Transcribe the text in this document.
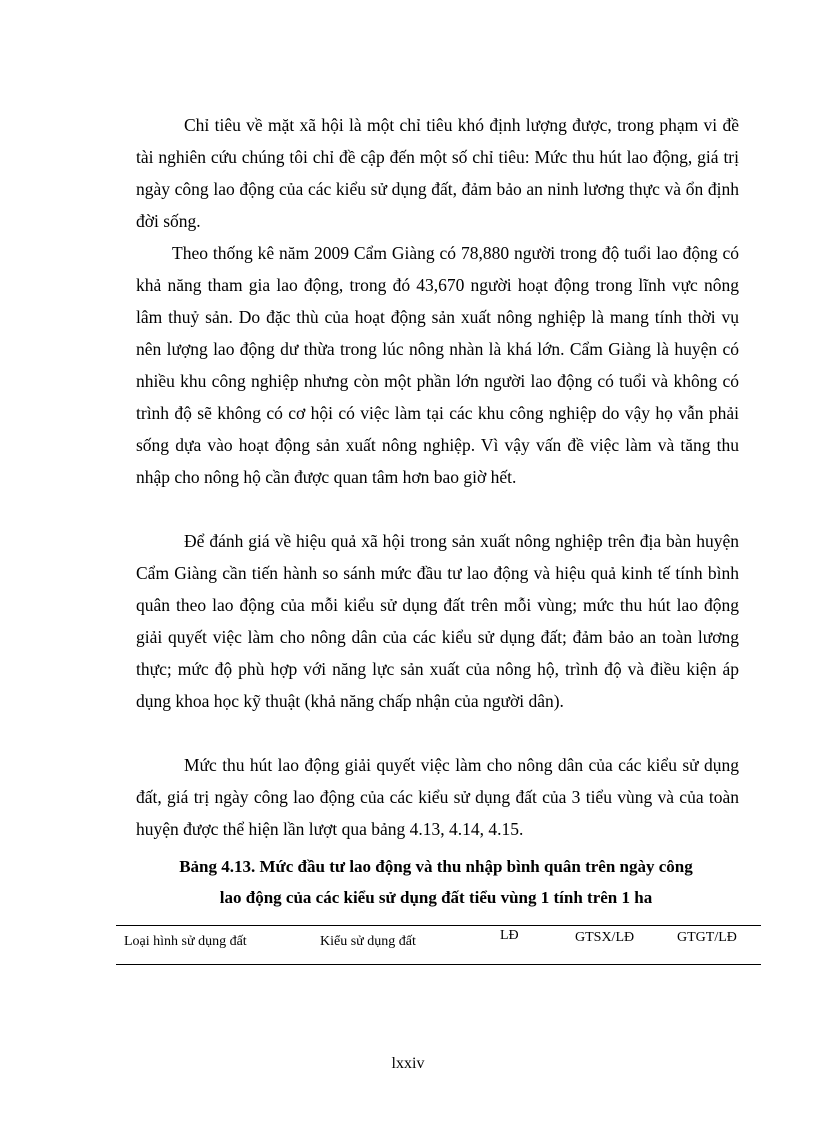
Chỉ tiêu về mặt xã hội là một chỉ tiêu khó định lượng được, trong phạm vi đề tài nghiên cứu chúng tôi chỉ đề cập đến một số chỉ tiêu: Mức thu hút lao động, giá trị ngày công lao động của các kiểu sử dụng đất, đảm bảo an ninh lương thực và ổn định đời sống.

Theo thống kê năm 2009 Cẩm Giàng có 78,880 người trong độ tuổi lao động có khả năng tham gia lao động, trong đó 43,670 người hoạt động trong lĩnh vực nông lâm thuỷ sản. Do đặc thù của hoạt động sản xuất nông nghiệp là mang tính thời vụ nên lượng lao động dư thừa trong lúc nông nhàn là khá lớn. Cẩm Giàng là huyện có nhiều khu công nghiệp nhưng còn một phần lớn người lao động có tuổi và không có trình độ sẽ không có cơ hội có việc làm tại các khu công nghiệp do vậy họ vẫn phải sống dựa vào hoạt động sản xuất nông nghiệp. Vì vậy vấn đề việc làm và tăng thu nhập cho nông hộ cần được quan tâm hơn bao giờ hết.

Để đánh giá về hiệu quả xã hội trong sản xuất nông nghiệp trên địa bàn huyện Cẩm Giàng cần tiến hành so sánh mức đầu tư lao động và hiệu quả kinh tế tính bình quân theo lao động của mỗi kiểu sử dụng đất trên mỗi vùng; mức thu hút lao động giải quyết việc làm cho nông dân của các kiểu sử dụng đất; đảm bảo an toàn lương thực; mức độ phù hợp với năng lực sản xuất của nông hộ, trình độ và điều kiện áp dụng khoa học kỹ thuật (khả năng chấp nhận của người dân).

Mức thu hút lao động giải quyết việc làm cho nông dân của các kiểu sử dụng đất, giá trị ngày công lao động của các kiểu sử dụng đất của 3 tiểu vùng và của toàn huyện được thể hiện lần lượt qua bảng 4.13, 4.14, 4.15.

Bảng 4.13. Mức đầu tư lao động và thu nhập bình quân trên ngày công

lao động của các kiểu sử dụng đất tiểu vùng 1 tính trên 1 ha

Loại hình sử dụng đất	Kiểu sử dụng đất	LĐ	GTSX/LĐ	GTGT/LĐ
lxxiv
